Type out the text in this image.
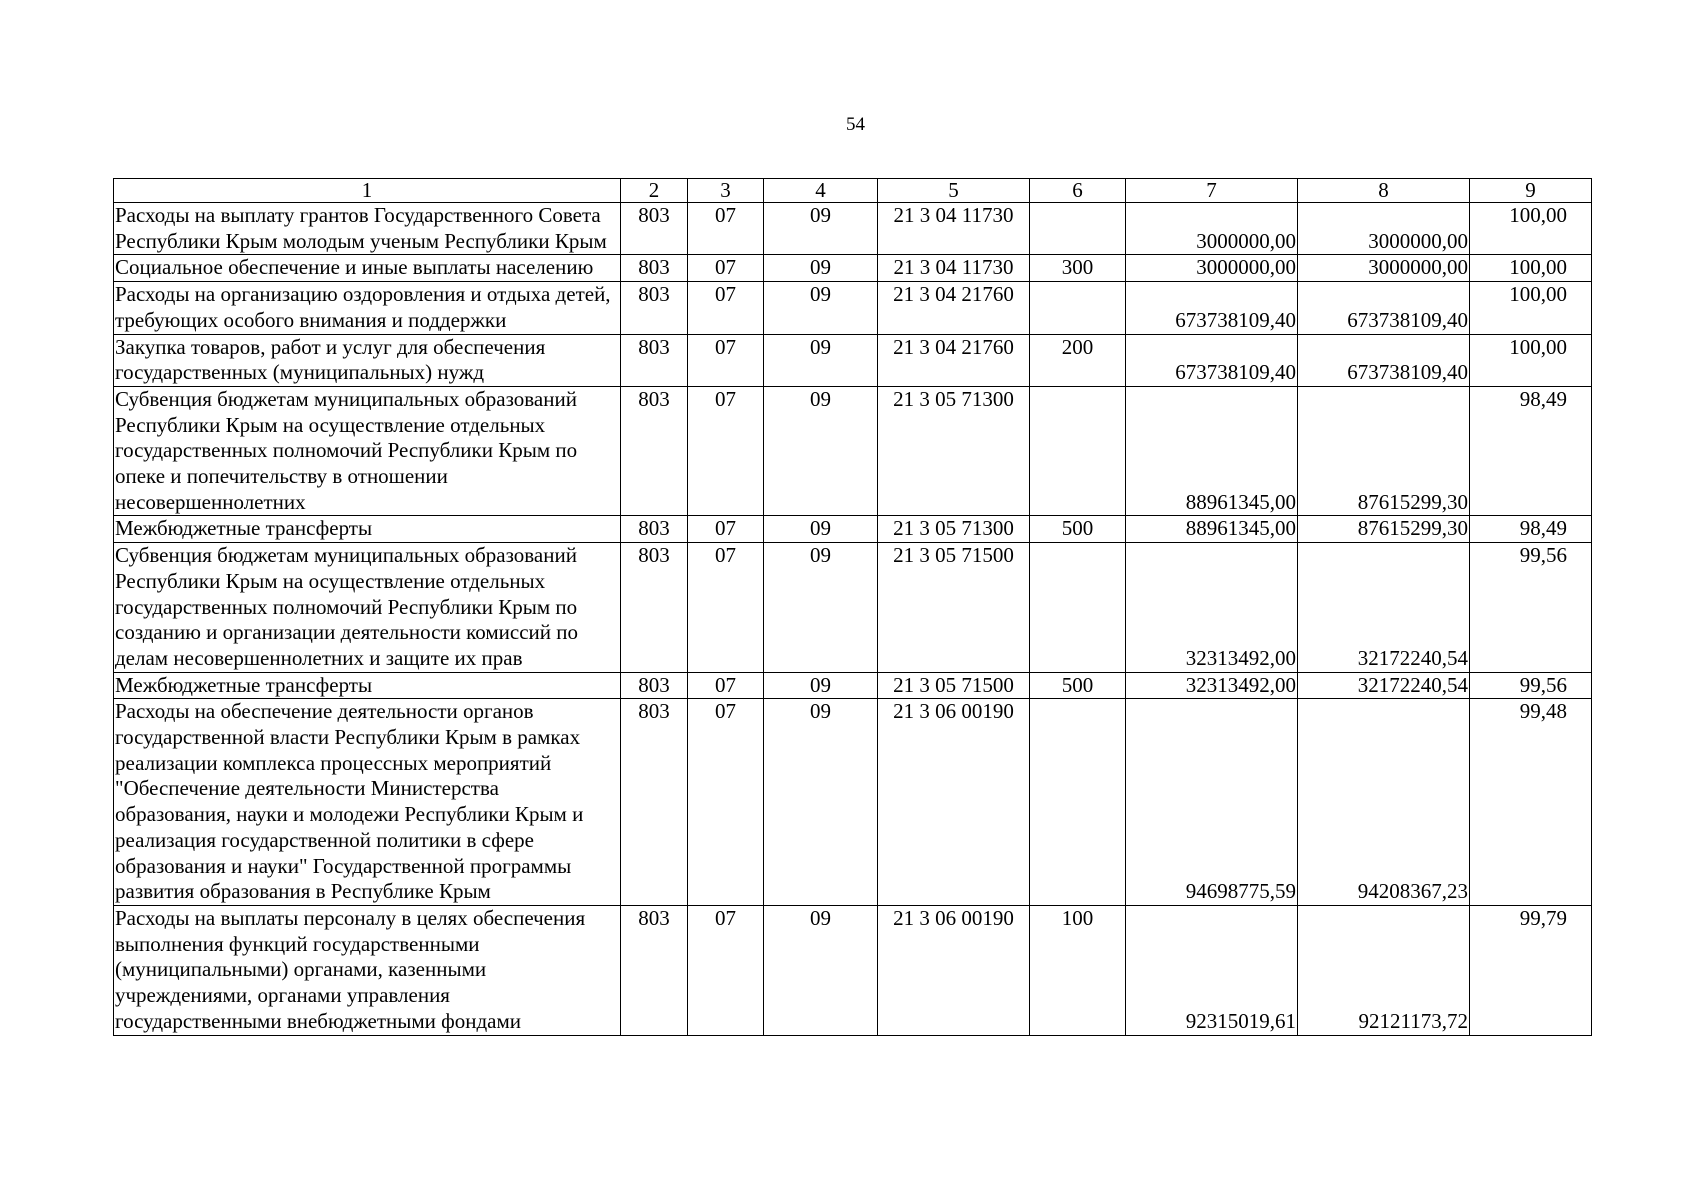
54
1	2	3	4	5	6	7	8	9
Расходы на выплату грантов Государственного Совета Республики Крым молодым ученым Республики Крым	803	07	09	21 3 04 11730		3000000,00	3000000,00	100,00
Социальное обеспечение и иные выплаты населению	803	07	09	21 3 04 11730	300	3000000,00	3000000,00	100,00
Расходы на организацию оздоровления и отдыха детей, требующих особого внимания и поддержки	803	07	09	21 3 04 21760		673738109,40	673738109,40	100,00
Закупка товаров, работ и услуг для обеспечения государственных (муниципальных) нужд	803	07	09	21 3 04 21760	200	673738109,40	673738109,40	100,00
Субвенция бюджетам муниципальных образований Республики Крым на осуществление отдельных государственных полномочий Республики Крым по опеке и попечительству в отношении несовершеннолетних	803	07	09	21 3 05 71300		88961345,00	87615299,30	98,49
Межбюджетные трансферты	803	07	09	21 3 05 71300	500	88961345,00	87615299,30	98,49
Субвенция бюджетам муниципальных образований Республики Крым на осуществление отдельных государственных полномочий Республики Крым по созданию и организации деятельности комиссий по делам несовершеннолетних и защите их прав	803	07	09	21 3 05 71500		32313492,00	32172240,54	99,56
Межбюджетные трансферты	803	07	09	21 3 05 71500	500	32313492,00	32172240,54	99,56
Расходы на обеспечение деятельности органов государственной власти Республики Крым в рамках реализации комплекса процессных мероприятий "Обеспечение деятельности Министерства образования, науки и молодежи Республики Крым и реализация государственной политики в сфере образования и науки" Государственной программы развития образования в Республике Крым	803	07	09	21 3 06 00190		94698775,59	94208367,23	99,48
Расходы на выплаты персоналу в целях обеспечения выполнения функций государственными (муниципальными) органами, казенными учреждениями, органами управления государственными внебюджетными фондами	803	07	09	21 3 06 00190	100	92315019,61	92121173,72	99,79
